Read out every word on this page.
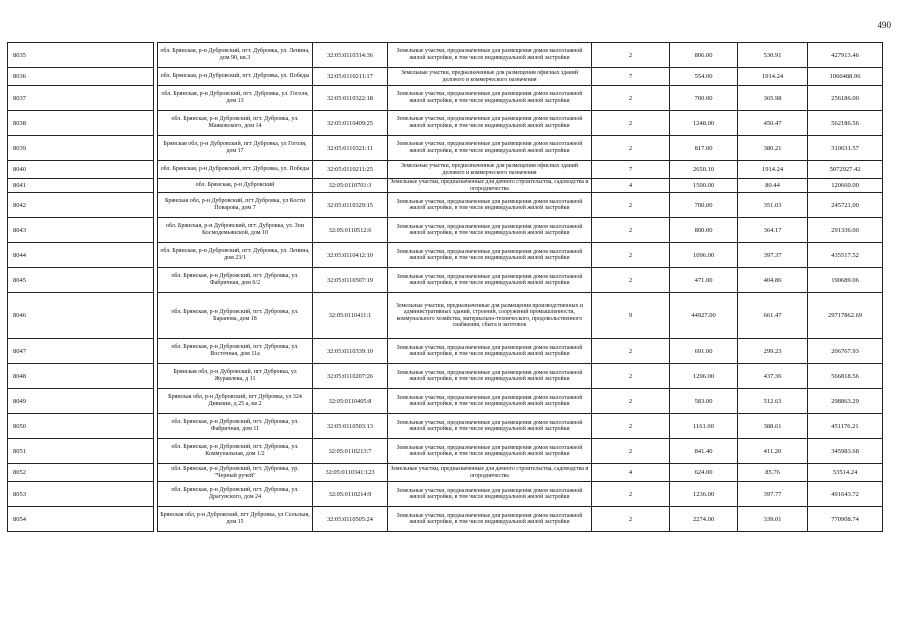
490
8035		обл. Брянская, р-н Дубровский, пгт. Дубровка, ул. Ленина, дом 90, кв.3	32:05:0110314:36	Земельные участки, предназначенные для размещения домов малоэтажной жилой застройки, в том числе индивидуальной жилой застройки	2	806.00	530.91	427913.46
8036		обл. Брянская, р-н Дубровский, пгт. Дубровка, ул. Победы	32:05:0110211:17	Земельные участки, предназначенные для размещения офисных зданий делового и коммерческого назначения	7	554.00	1914.24	1060488.96
8037		обл. Брянская, р-н Дубровский, пгт. Дубровка, ул. Гоголя, дом 13	32:05:0110322:18	Земельные участки, предназначенные для размещения домов малоэтажной жилой застройки, в том числе индивидуальной жилой застройки	2	700.00	365.98	256186.00
8038		обл. Брянская, р-н Дубровский, пгт. Дубровка, ул. Маяковского, дом 14	32:05:0110409:25	Земельные участки, предназначенные для размещения домов малоэтажной жилой застройки, в том числе индивидуальной жилой застройки	2	1248.00	450.47	562186.56
8039		Брянская обл, р-н Дубровский, пгт Дубровка, ул Гоголя, дом 17	32:05:0110321:11	Земельные участки, предназначенные для размещения домов малоэтажной жилой застройки, в том числе индивидуальной жилой застройки	2	817.00	380.21	310631.57
8040		обл. Брянская, р-н Дубровский, пгт. Дубровка, ул. Победы	32:05:0110211:25	Земельные участки, предназначенные для размещения офисных зданий делового и коммерческого назначения	7	2650.10	1914.24	5072927.42
8041		обл. Брянская, р-н Дубровский	32:05:0110701:3	Земельные участки, предназначенные для дачного строительства, садоводства и огородничества	4	1500.00	80.44	120660.00
8042		Брянская обл, р-н Дубровский, пгт Дубровка, ул Кости Поварова, дом 7	32:05:0110329:15	Земельные участки, предназначенные для размещения домов малоэтажной жилой застройки, в том числе индивидуальной жилой застройки	2	700.00	351.03	245721.00
8043		обл. Брянская, р-н Дубровский, пгт. Дубровка, ул. Зои Космодемьянской, дом 10	32:05:0110512:6	Земельные участки, предназначенные для размещения домов малоэтажной жилой застройки, в том числе индивидуальной жилой застройки	2	800.00	364.17	291336.00
8044		обл. Брянская, р-н Дубровский, пгт. Дубровка, ул. Ленина, дом 23/1	32:05:0110412:10	Земельные участки, предназначенные для размещения домов малоэтажной жилой застройки, в том числе индивидуальной жилой застройки	2	1096.00	397.37	435517.52
8045		обл. Брянская, р-н Дубровский, пгт. Дубровка, ул. Фабричная, дом 6/2	32:05:0110507:19	Земельные участки, предназначенные для размещения домов малоэтажной жилой застройки, в том числе индивидуальной жилой застройки	2	471.00	404.86	190689.06
8046		обл. Брянская, р-н Дубровский, пгт. Дубровка, ул. Баранова, дом 18	32:05:0110411:1	Земельные участки, предназначенные для размещения производственных и административных зданий, строений, сооружений промышленности, коммунального хозяйства, материально-технического, продовольственного снабжения, сбыта и заготовок	9	44927.00	661.47	29717862.69
8047		обл. Брянская, р-н Дубровский, пгт. Дубровка, ул. Восточная, дом 11а	32:05:0110339:10	Земельные участки, предназначенные для размещения домов малоэтажной жилой застройки, в том числе индивидуальной жилой застройки	2	691.00	299.23	206767.93
8048		Брянская обл, р-н Дубровский, пгт Дубровка, ул Журавлева, д 11	32:05:0110207:26	Земельные участки, предназначенные для размещения домов малоэтажной жилой застройки, в том числе индивидуальной жилой застройки	2	1296.00	437.36	566818.56
8049		Брянская обл, р-н Дубровский, пгт Дубровка, ул 324 Дивизии, д 25 а, кв 2	32:05:0110405:8	Земельные участки, предназначенные для размещения домов малоэтажной жилой застройки, в том числе индивидуальной жилой застройки	2	583.00	512.63	298863.29
8050		обл. Брянская, р-н Дубровский, пгт. Дубровка, ул. Фабричная, дом 11	32:05:0110503:13	Земельные участки, предназначенные для размещения домов малоэтажной жилой застройки, в том числе индивидуальной жилой застройки	2	1161.00	388.61	451176.21
8051		обл. Брянская, р-н Дубровский, пгт. Дубровка, ул. Коммунальная, дом 1/2	32:05:0110213:7	Земельные участки, предназначенные для размещения домов малоэтажной жилой застройки, в том числе индивидуальной жилой застройки	2	841.40	411.20	345983.68
8052		обл. Брянская, р-н Дубровский, пгт. Дубровка, ур. "Черный ручей"	32:05:0110341:123	Земельные участки, предназначенные для дачного строительства, садоводства и огородничества	4	624.00	85.76	53514.24
8053		обл. Брянская, р-н Дубровский, пгт. Дубровка, ул. Драгунского, дом 24	32:05:0110214:9	Земельные участки, предназначенные для размещения домов малоэтажной жилой застройки, в том числе индивидуальной жилой застройки	2	1236.00	397.77	491643.72
8054		Брянская обл, р-н Дубровский, пгт Дубровка, ул Сельская, дом 15	32:05:0110505:24	Земельные участки, предназначенные для размещения домов малоэтажной жилой застройки, в том числе индивидуальной жилой застройки	2	2274.00	339.01	770908.74
